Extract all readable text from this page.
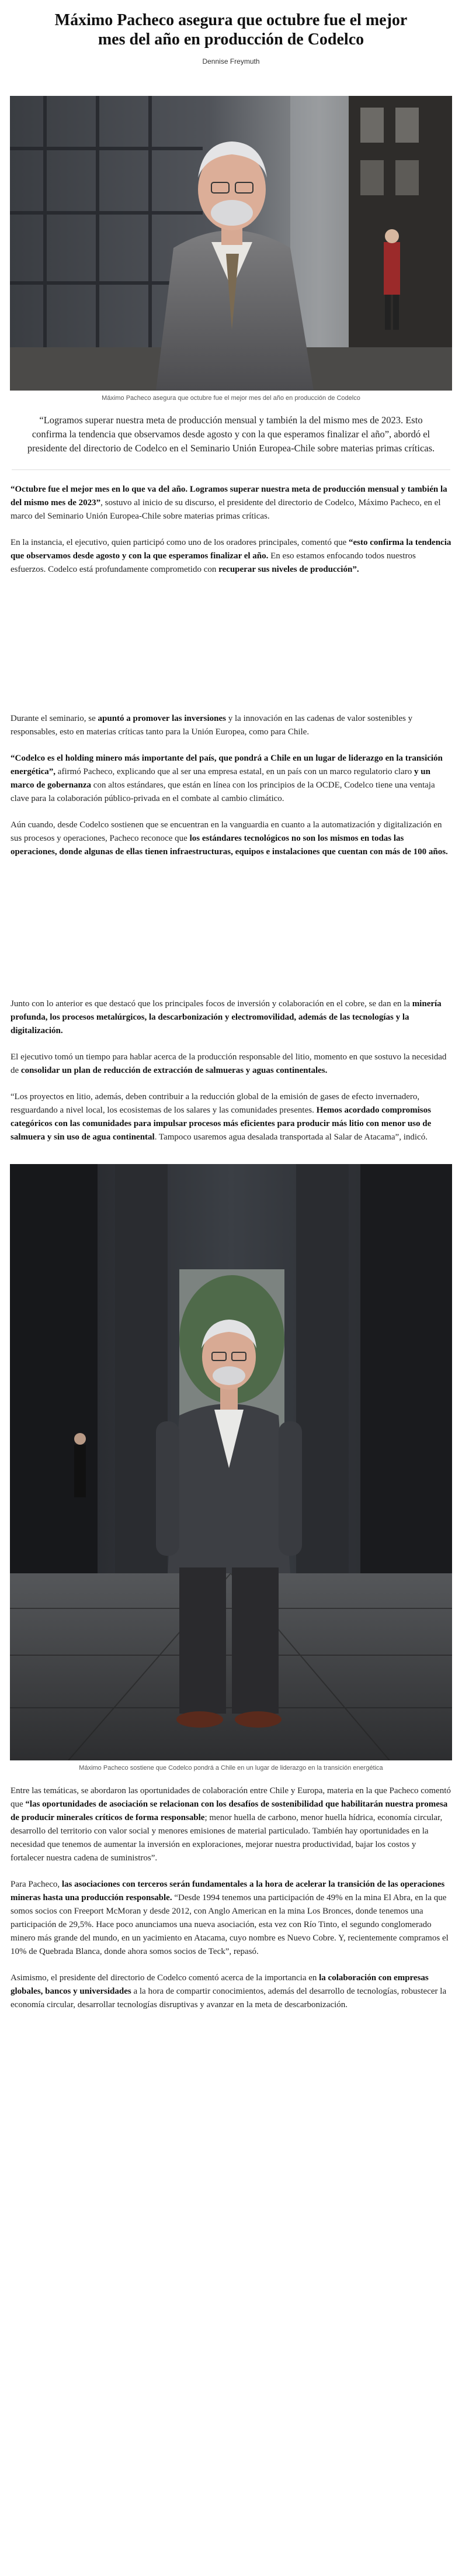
Máximo Pacheco asegura que octubre fue el mejor mes del año en producción de Codelco
Dennise Freymuth
Máximo Pacheco asegura que octubre fue el mejor mes del año en producción de Codelco

“Logramos superar nuestra meta de producción mensual y también la del mismo mes de 2023. Esto confirma la tendencia que observamos desde agosto y con la que esperamos finalizar el año”, abordó el presidente del directorio de Codelco en el Seminario Unión Europea-Chile sobre materias primas críticas.

“Octubre fue el mejor mes en lo que va del año. Logramos superar nuestra meta de producción mensual y también la del mismo mes de 2023”, sostuvo al inicio de su discurso, el presidente del directorio de Codelco, Máximo Pacheco, en el marco del Seminario Unión Europea-Chile sobre materias primas críticas.

En la instancia, el ejecutivo, quien participó como uno de los oradores principales, comentó que “esto confirma la tendencia que observamos desde agosto y con la que esperamos finalizar el año. En eso estamos enfocando todos nuestros esfuerzos. Codelco está profundamente comprometido con recuperar sus niveles de producción”.

Durante el seminario, se apuntó a promover las inversiones y la innovación en las cadenas de valor sostenibles y responsables, esto en materias críticas tanto para la Unión Europea, como para Chile.

“Codelco es el holding minero más importante del país, que pondrá a Chile en un lugar de liderazgo en la transición energética”, afirmó Pacheco, explicando que al ser una empresa estatal, en un país con un marco regulatorio claro y un marco de gobernanza con altos estándares, que están en línea con los principios de la OCDE, Codelco tiene una ventaja clave para la colaboración público-privada en el combate al cambio climático.

Aún cuando, desde Codelco sostienen que se encuentran en la vanguardia en cuanto a la automatización y digitalización en sus procesos y operaciones, Pacheco reconoce que los estándares tecnológicos no son los mismos en todas las operaciones, donde algunas de ellas tienen infraestructuras, equipos e instalaciones que cuentan con más de 100 años.

Junto con lo anterior es que destacó que los principales focos de inversión y colaboración en el cobre, se dan en la minería profunda, los procesos metalúrgicos, la descarbonización y electromovilidad, además de las tecnologías y la digitalización.

El ejecutivo tomó un tiempo para hablar acerca de la producción responsable del litio, momento en que sostuvo la necesidad de consolidar un plan de reducción de extracción de salmueras y aguas continentales.

“Los proyectos en litio, además, deben contribuir a la reducción global de la emisión de gases de efecto invernadero, resguardando a nivel local, los ecosistemas de los salares y las comunidades presentes. Hemos acordado compromisos categóricos con las comunidades para impulsar procesos más eficientes para producir más litio con menor uso de salmuera y sin uso de agua continental. Tampoco usaremos agua desalada transportada al Salar de Atacama”, indicó.

Máximo Pacheco sostiene que Codelco pondrá a Chile en un lugar de liderazgo en la transición energética

Entre las temáticas, se abordaron las oportunidades de colaboración entre Chile y Europa, materia en la que Pacheco comentó que “las oportunidades de asociación se relacionan con los desafíos de sostenibilidad que habilitarán nuestra promesa de producir minerales críticos de forma responsable; menor huella de carbono, menor huella hídrica, economía circular, desarrollo del territorio con valor social y menores emisiones de material particulado. También hay oportunidades en la necesidad que tenemos de aumentar la inversión en exploraciones, mejorar nuestra productividad, bajar los costos y fortalecer nuestra cadena de suministros”.

Para Pacheco, las asociaciones con terceros serán fundamentales a la hora de acelerar la transición de las operaciones mineras hasta una producción responsable. “Desde 1994 tenemos una participación de 49% en la mina El Abra, en la que somos socios con Freeport McMoran y desde 2012, con Anglo American en la mina Los Bronces, donde tenemos una participación de 29,5%. Hace poco anunciamos una nueva asociación, esta vez con Río Tinto, el segundo conglomerado minero más grande del mundo, en un yacimiento en Atacama, cuyo nombre es Nuevo Cobre. Y, recientemente compramos el 10% de Quebrada Blanca, donde ahora somos socios de Teck”, repasó.

Asimismo, el presidente del directorio de Codelco comentó acerca de la importancia en la colaboración con empresas globales, bancos y universidades a la hora de compartir conocimientos, además del desarrollo de tecnologías, robustecer la economía circular, desarrollar tecnologías disruptivas y avanzar en la meta de descarbonización.
